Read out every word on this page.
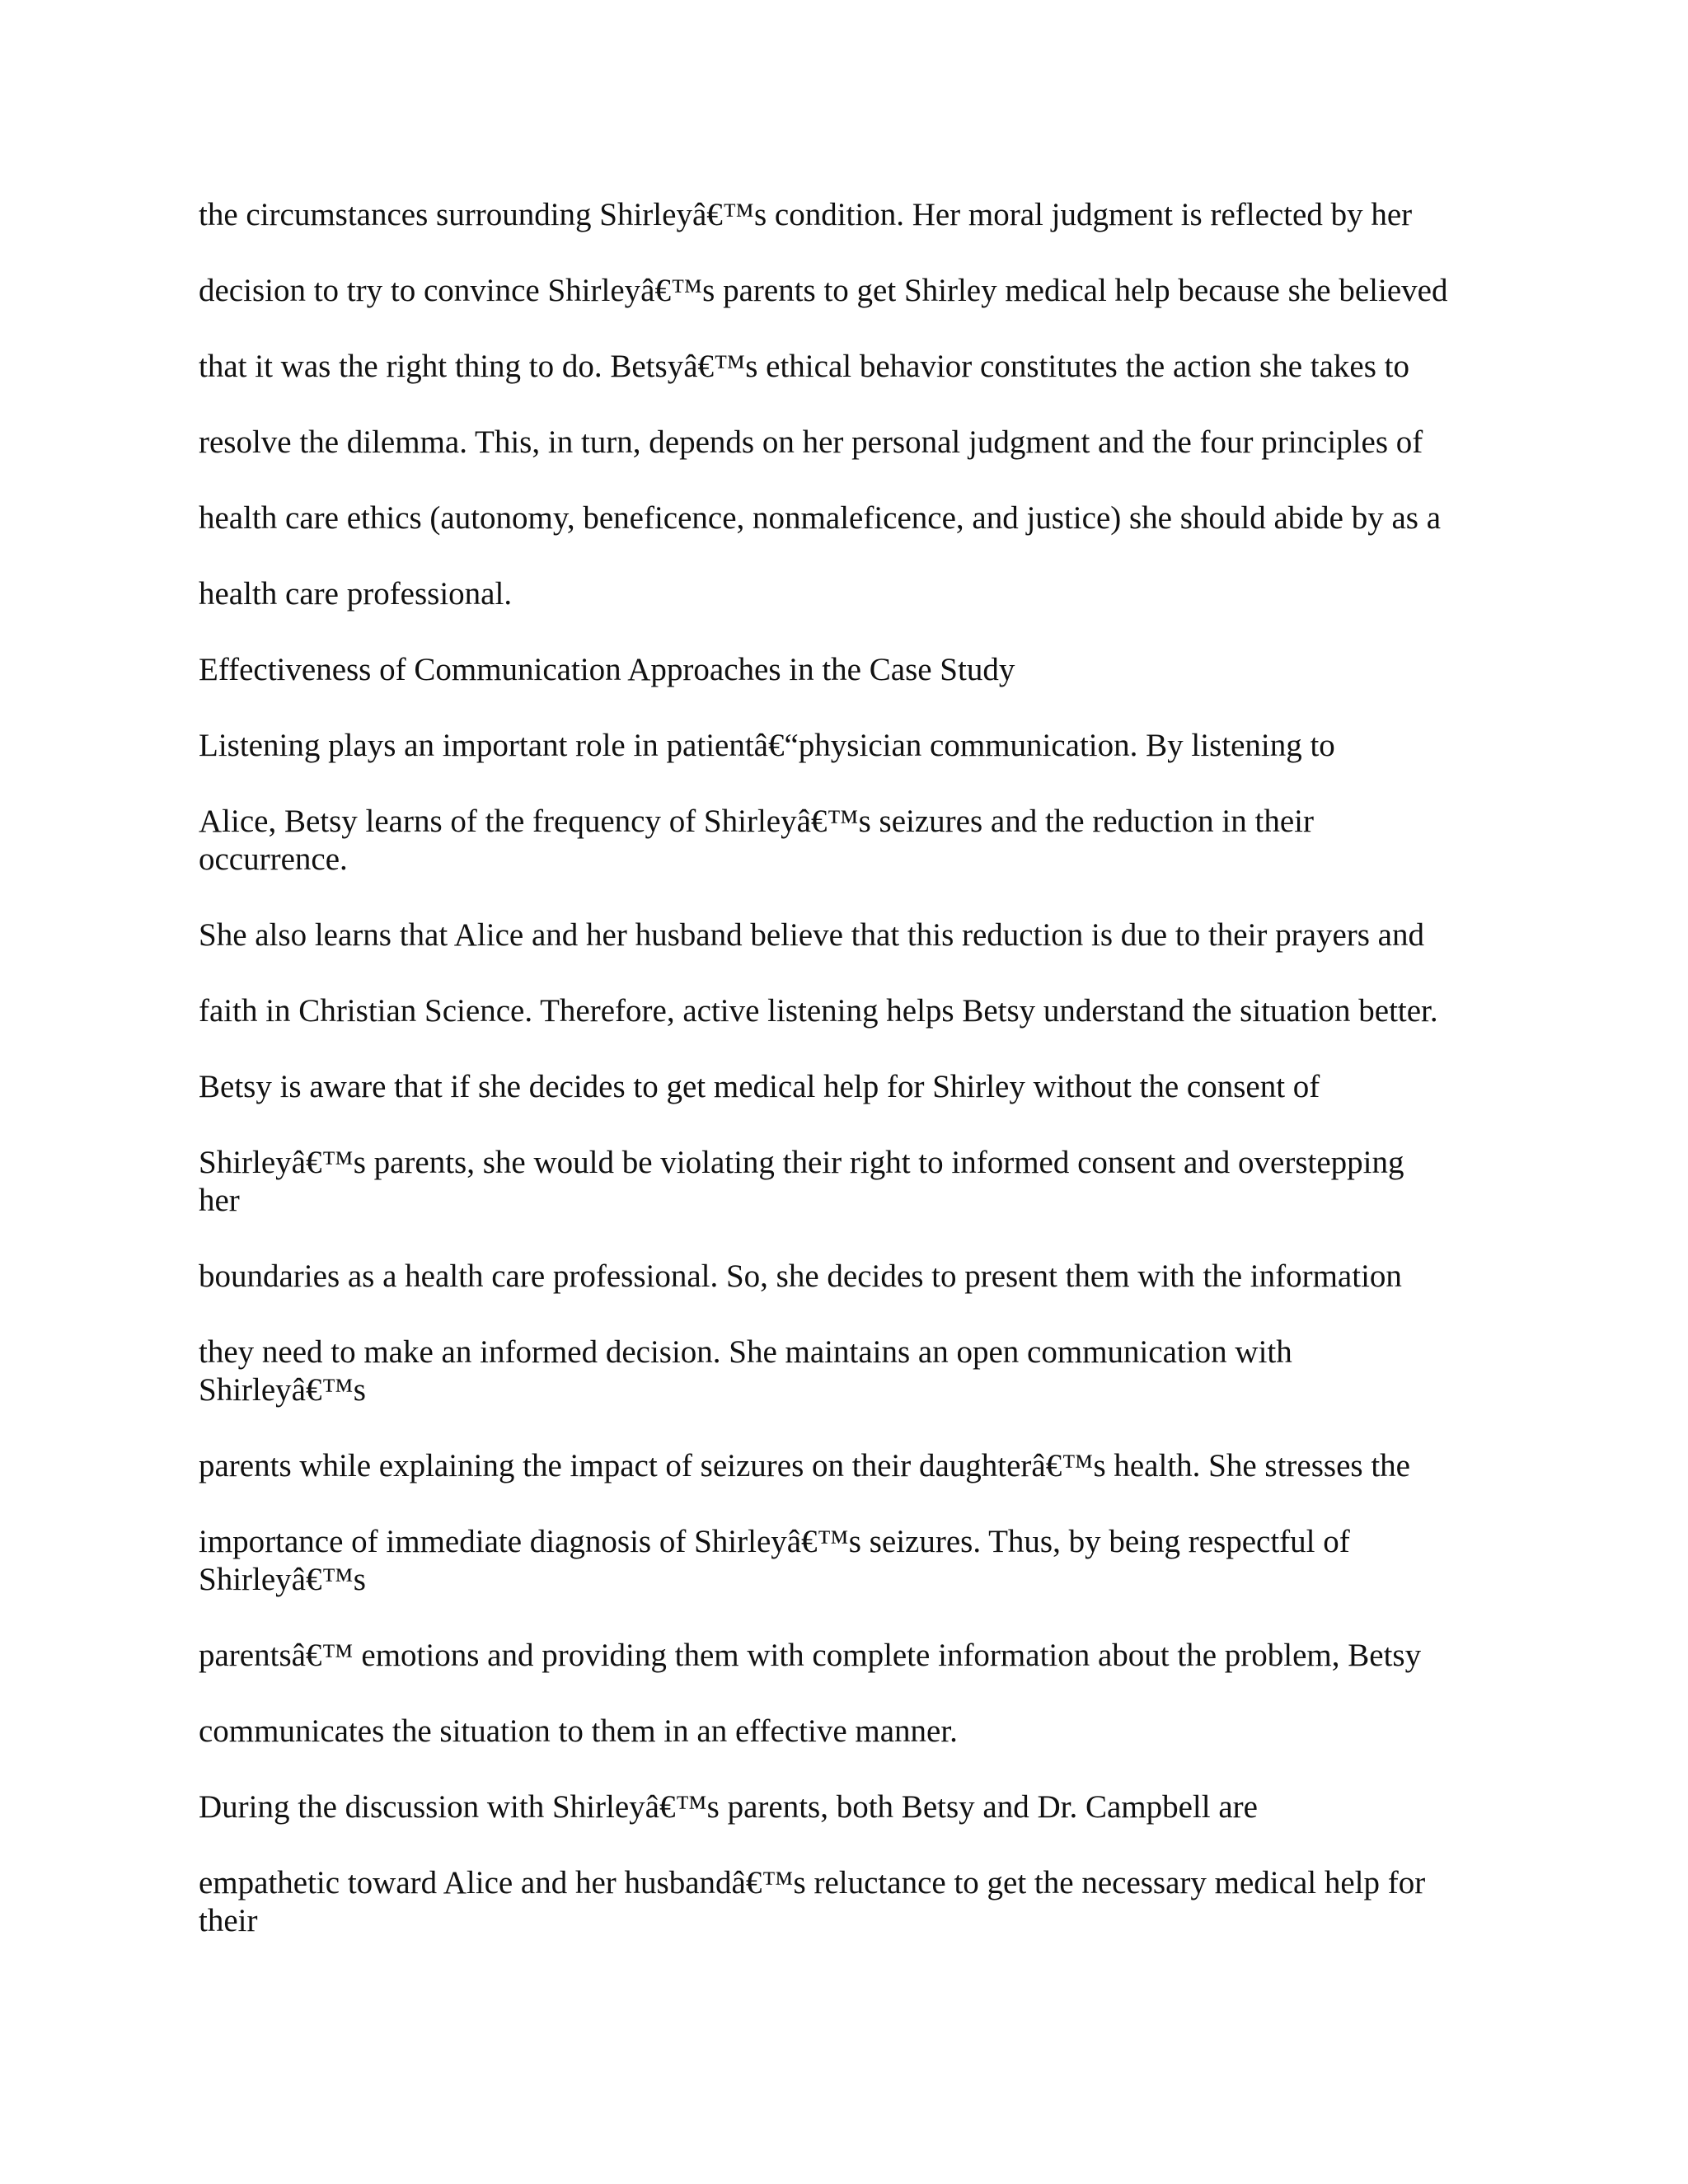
the circumstances surrounding Shirleyâ€™s condition. Her moral judgment is reflected by her

decision to try to convince Shirleyâ€™s parents to get Shirley medical help because she believed

that it was the right thing to do. Betsyâ€™s ethical behavior constitutes the action she takes to

resolve the dilemma. This, in turn, depends on her personal judgment and the four principles of

health care ethics (autonomy, beneficence, nonmaleficence, and justice) she should abide by as a

health care professional.

Effectiveness of Communication Approaches in the Case Study

Listening plays an important role in patientâ€“physician communication. By listening to

Alice, Betsy learns of the frequency of Shirleyâ€™s seizures and the reduction in their

occurrence.

She also learns that Alice and her husband believe that this reduction is due to their prayers and

faith in Christian Science. Therefore, active listening helps Betsy understand the situation better.

Betsy is aware that if she decides to get medical help for Shirley without the consent of

Shirleyâ€™s parents, she would be violating their right to informed consent and overstepping

her

boundaries as a health care professional. So, she decides to present them with the information

they need to make an informed decision. She maintains an open communication with

Shirleyâ€™s

parents while explaining the impact of seizures on their daughterâ€™s health. She stresses the

importance of immediate diagnosis of Shirleyâ€™s seizures. Thus, by being respectful of

Shirleyâ€™s

parentsâ€™ emotions and providing them with complete information about the problem, Betsy

communicates the situation to them in an effective manner.

During the discussion with Shirleyâ€™s parents, both Betsy and Dr. Campbell are

empathetic toward Alice and her husbandâ€™s reluctance to get the necessary medical help for

their
